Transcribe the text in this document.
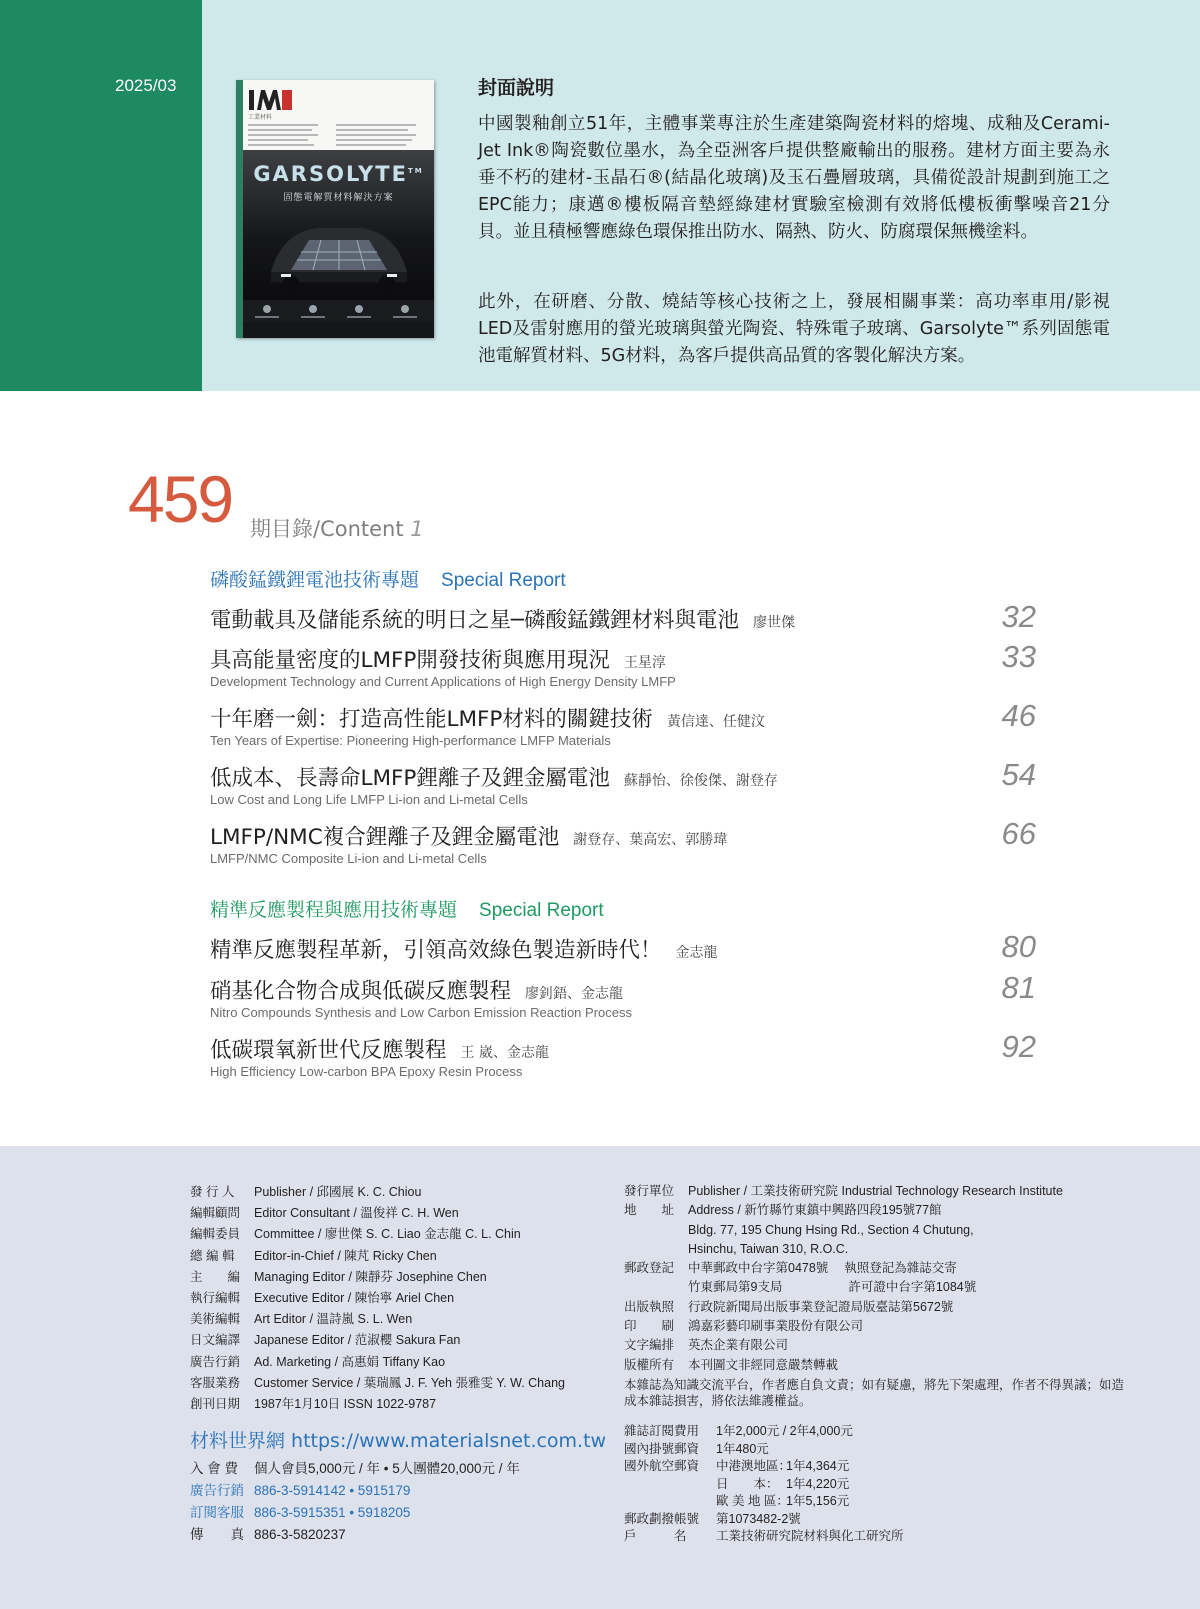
2025/03
工業材料
GARSOLYTE™
固態電解質材料解決方案
封面說明
中國製釉創立51年，主體事業專注於生產建築陶瓷材料的熔塊、成釉及Cerami-Jet Ink®陶瓷數位墨水，為全亞洲客戶提供整廠輸出的服務。建材方面主要為永垂不朽的建材-玉晶石®(結晶化玻璃)及玉石疊層玻璃，具備從設計規劃到施工之EPC能力；康邁®樓板隔音墊經綠建材實驗室檢測有效將低樓板衝擊噪音21分貝。並且積極響應綠色環保推出防水、隔熱、防火、防腐環保無機塗料。
此外，在研磨、分散、燒結等核心技術之上，發展相關事業：高功率車用/影視LED及雷射應用的螢光玻璃與螢光陶瓷、特殊電子玻璃、Garsolyte™系列固態電池電解質材料、5G材料，為客戶提供高品質的客製化解決方案。
459 期目錄/Content 1
磷酸錳鐵鋰電池技術專題 Special Report
電動載具及儲能系統的明日之星─磷酸錳鐵鋰材料與電池 廖世傑	32
具高能量密度的LMFP開發技術與應用現況 王星淳
Development Technology and Current Applications of High Energy Density LMFP
33
十年磨一劍：打造高性能LMFP材料的關鍵技術 黃信達、任健汶
Ten Years of Expertise: Pioneering High-performance LMFP Materials
46
低成本、長壽命LMFP鋰離子及鋰金屬電池 蘇靜怡、徐俊傑、謝登存
Low Cost and Long Life LMFP Li-ion and Li-metal Cells
54
LMFP/NMC複合鋰離子及鋰金屬電池 謝登存、葉高宏、郭勝瑋
LMFP/NMC Composite Li-ion and Li-metal Cells
66
精準反應製程與應用技術專題 Special Report
精準反應製程革新，引領高效綠色製造新時代！ 金志龍	80
硝基化合物合成與低碳反應製程 廖釗鋙、金志龍
Nitro Compounds Synthesis and Low Carbon Emission Reaction Process
81
低碳環氧新世代反應製程 王 崴、金志龍
High Efficiency Low-carbon BPA Epoxy Resin Process
92
發 行 人 Publisher / 邱國展 K. C. Chiou
編輯顧問 Editor Consultant / 溫俊祥 C. H. Wen
編輯委員 Committee / 廖世傑 S. C. Liao 金志龍 C. L. Chin
總 編 輯 Editor-in-Chief / 陳芃 Ricky Chen
主　　編 Managing Editor / 陳靜芬 Josephine Chen
執行編輯 Executive Editor / 陳怡寧 Ariel Chen
美術編輯 Art Editor / 溫詩嵐 S. L. Wen
日文編譯 Japanese Editor / 范淑櫻 Sakura Fan
廣告行銷 Ad. Marketing / 高惠娟 Tiffany Kao
客服業務 Customer Service / 葉瑞鳳 J. F. Yeh 張雅雯 Y. W. Chang
創刊日期 1987年1月10日 ISSN 1022-9787
材料世界網 https://www.materialsnet.com.tw
入 會 費 個人會員5,000元 / 年 • 5人團體20,000元 / 年
廣告行銷 886-3-5914142 • 5915179
訂閱客服 886-3-5915351 • 5918205
傳　　真 886-3-5820237
發行單位 Publisher / 工業技術研究院 Industrial Technology Research Institute
地　　址 Address / 新竹縣竹東鎮中興路四段195號77館
Bldg. 77, 195 Chung Hsing Rd., Section 4 Chutung,
Hsinchu, Taiwan 310, R.O.C.
郵政登記 中華郵政中台字第0478號　 執照登記為雜誌交寄
竹東郵局第9支局　　　　　 許可證中台字第1084號
出版執照 行政院新聞局出版事業登記證局版臺誌第5672號
印　　刷 鴻嘉彩藝印刷事業股份有限公司
文字編排 英杰企業有限公司
版權所有 本刊圖文非經同意嚴禁轉載
本雜誌為知識交流平台，作者應自負文責；如有疑慮，將先下架處理，作者不得異議；如造成本雜誌損害，將依法維護權益。
雜誌訂閱費用 1年2,000元 / 2年4,000元
國內掛號郵資 1年480元
國外航空郵資 中港澳地區：1年4,364元
日　　本： 1年4,220元
歐 美 地 區：1年5,156元
郵政劃撥帳號 第1073482-2號
戶　　　名 工業技術研究院材料與化工研究所
